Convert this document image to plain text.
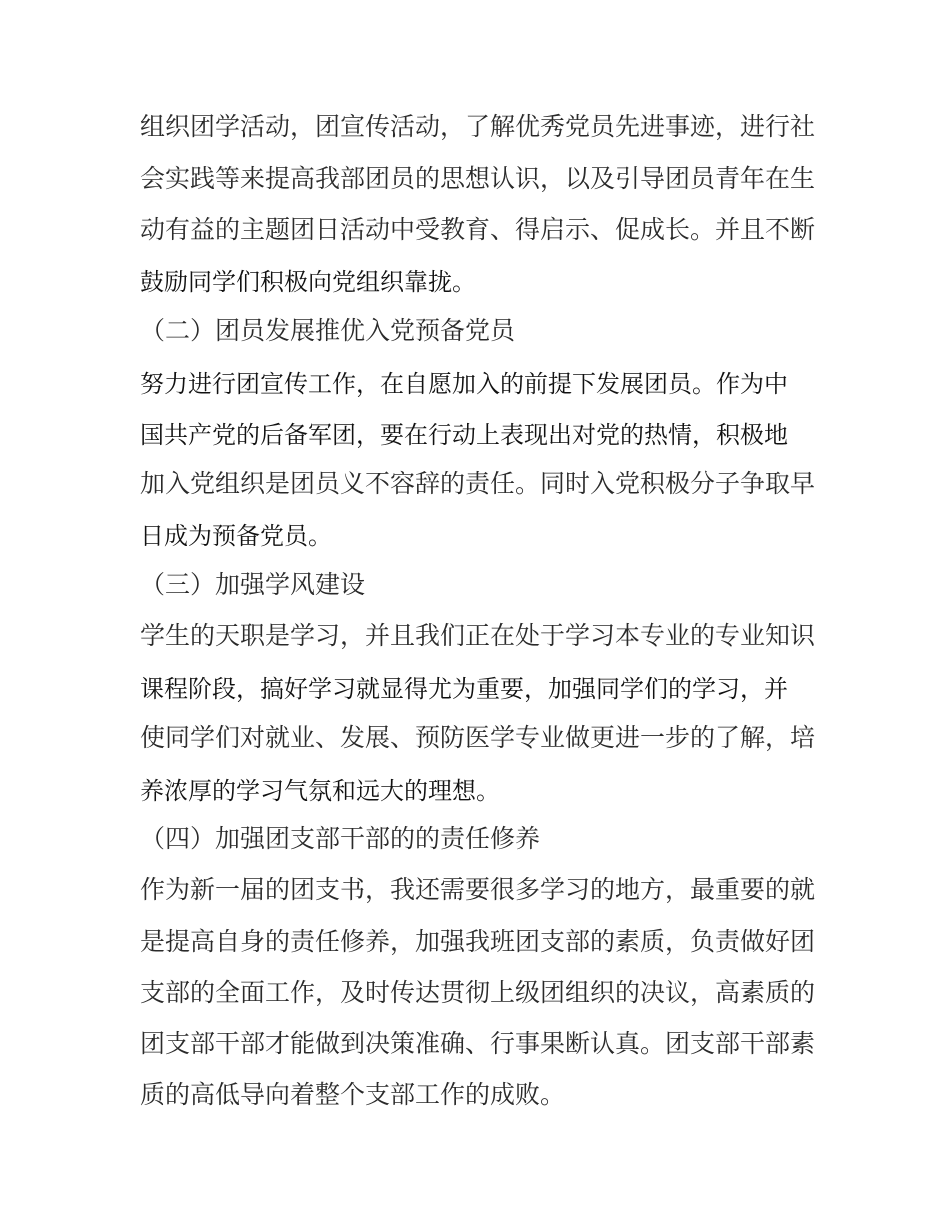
组织团学活动，团宣传活动，了解优秀党员先进事迹，进行社
会实践等来提高我部团员的思想认识，以及引导团员青年在生
动有益的主题团日活动中受教育、得启示、促成长。并且不断
鼓励同学们积极向党组织靠拢。
（二）团员发展推优入党预备党员
努力进行团宣传工作，在自愿加入的前提下发展团员。作为中
国共产党的后备军团，要在行动上表现出对党的热情，积极地
加入党组织是团员义不容辞的责任。同时入党积极分子争取早
日成为预备党员。
（三）加强学风建设
学生的天职是学习，并且我们正在处于学习本专业的专业知识
课程阶段，搞好学习就显得尤为重要，加强同学们的学习，并
使同学们对就业、发展、预防医学专业做更进一步的了解，培
养浓厚的学习气氛和远大的理想。
（四）加强团支部干部的的责任修养
作为新一届的团支书，我还需要很多学习的地方，最重要的就
是提高自身的责任修养，加强我班团支部的素质，负责做好团
支部的全面工作，及时传达贯彻上级团组织的决议，高素质的
团支部干部才能做到决策准确、行事果断认真。团支部干部素
质的高低导向着整个支部工作的成败。
